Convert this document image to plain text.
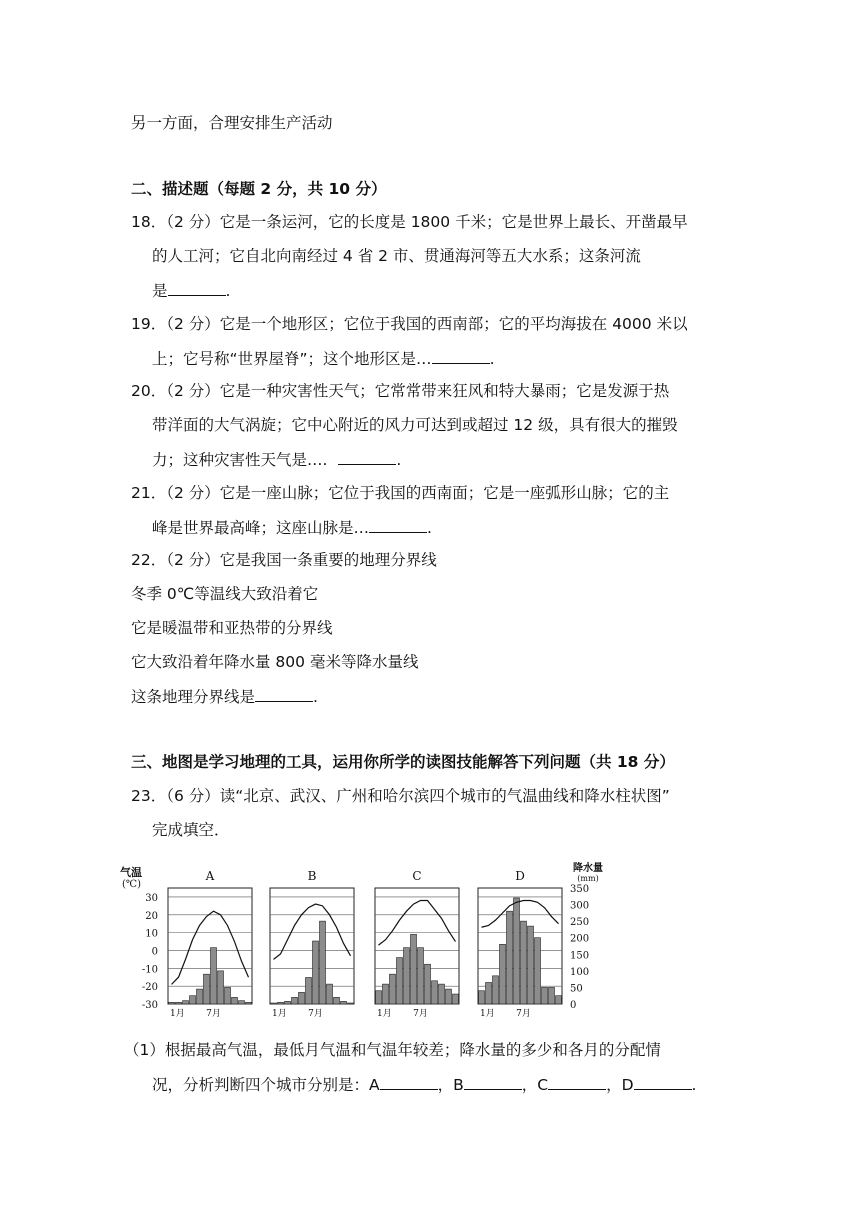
另一方面，合理安排生产活动
二、描述题（每题 2 分，共 10 分）
18．（2 分）它是一条运河，它的长度是 1800 千米；它是世界上最长、开凿最早
的人工河；它自北向南经过 4 省 2 市、贯通海河等五大水系；这条河流
是	.
19．（2 分）它是一个地形区；它位于我国的西南部；它的平均海拔在 4000 米以
上；它号称“世界屋脊”；这个地形区是…	.
20．（2 分）它是一种灾害性天气；它常常带来狂风和特大暴雨；它是发源于热
带洋面的大气涡旋；它中心附近的风力可达到或超过 12 级，具有很大的摧毁
力；这种灾害性天气是….	.
21．（2 分）它是一座山脉；它位于我国的西南面；它是一座弧形山脉；它的主
峰是世界最高峰；这座山脉是…	.
22．（2 分）它是我国一条重要的地理分界线
冬季 0℃等温线大致沿着它
它是暖温带和亚热带的分界线
它大致沿着年降水量 800 毫米等降水量线
这条地理分界线是	.
三、地图是学习地理的工具，运用你所学的读图技能解答下列问题（共 18 分）
23．（6 分）读“北京、武汉、广州和哈尔滨四个城市的气温曲线和降水柱状图”
完成填空．
气温
(℃)
30
20
10
0
-10
-20
-30
降水量
(mm)
350
300
250
200
150
100
50
0
A
1月 7月
B
1月 7月
C
1月 7月
D
1月 7月
（1）根据最高气温，最低月气温和气温年较差；降水量的多少和各月的分配情
况，分析判断四个城市分别是：A	，B	，C	，D	.
